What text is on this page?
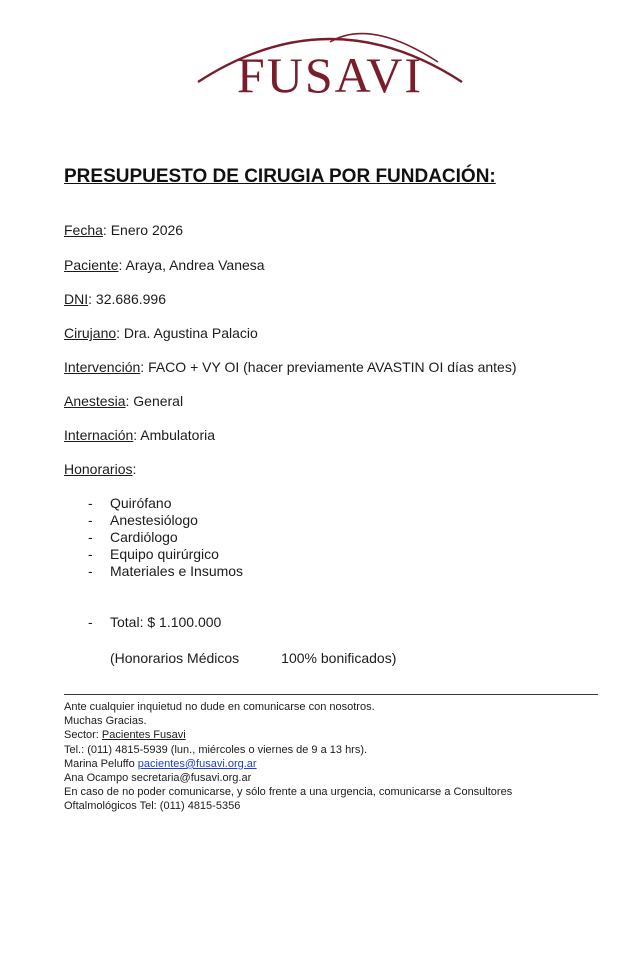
FUSAVI
PRESUPUESTO DE CIRUGIA POR FUNDACIÓN:
Fecha: Enero 2026
Paciente: Araya, Andrea Vanesa
DNI: 32.686.996
Cirujano: Dra. Agustina Palacio
Intervención: FACO + VY OI (hacer previamente AVASTIN OI días antes)
Anestesia: General
Internación: Ambulatoria
Honorarios:
- Quirófano
- Anestesiólogo
- Cardiólogo
- Equipo quirúrgico
- Materiales e Insumos
- Total: $ 1.100.000
(Honorarios Médicos	100% bonificados)
Ante cualquier inquietud no dude en comunicarse con nosotros.
Muchas Gracias.
Sector: Pacientes Fusavi
Tel.: (011) 4815-5939 (lun., miércoles o viernes de 9 a 13 hrs).
Marina Peluffo pacientes@fusavi.org.ar
Ana Ocampo secretaria@fusavi.org.ar
En caso de no poder comunicarse, y sólo frente a una urgencia, comunicarse a Consultores
Oftalmológicos Tel: (011) 4815-5356
